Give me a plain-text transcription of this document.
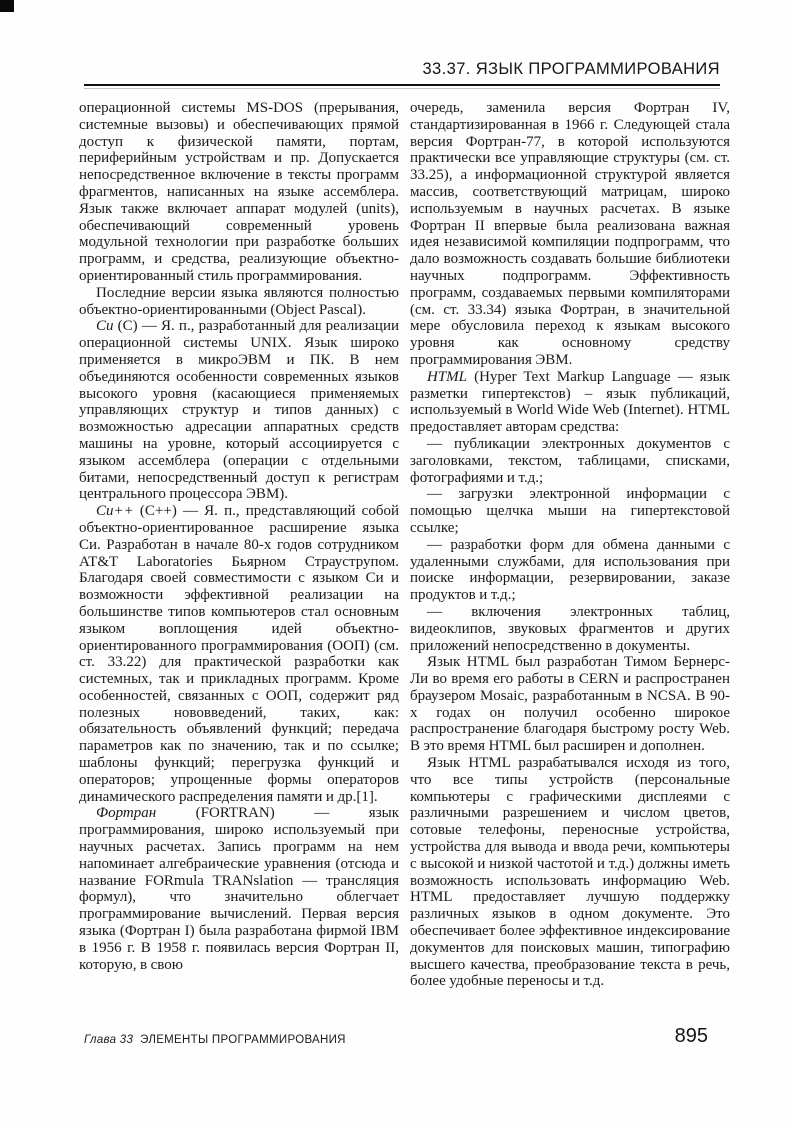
33.37. ЯЗЫК ПРОГРАММИРОВАНИЯ

операционной системы MS-DOS (прерывания, системные вызовы) и обеспечивающих прямой доступ к физической памяти, портам, периферийным устройствам и пр. Допускается непосредственное включение в тексты программ фрагментов, написанных на языке ассемблера. Язык также включает аппарат модулей (units), обеспечивающий современный уровень модульной технологии при разработке больших программ, и средства, реализующие объектно-ориентированный стиль программирования.

Последние версии языка являются полностью объектно-ориентированными (Object Pascal).

Си (C) — Я. п., разработанный для реализации операционной системы UNIX. Язык широко применяется в микроЭВМ и ПК. В нем объединяются особенности современных языков высокого уровня (касающиеся применяемых управляющих структур и типов данных) с возможностью адресации аппаратных средств машины на уровне, который ассоциируется с языком ассемблера (операции с отдельными битами, непосредственный доступ к регистрам центрального процессора ЭВМ).

Си++ (C++) — Я. п., представляющий собой объектно-ориентированное расширение языка Си. Разработан в начале 80-х годов сотрудником AT&T Laboratories Бьярном Страуструпом. Благодаря своей совместимости с языком Си и возможности эффективной реализации на большинстве типов компьютеров стал основным языком воплощения идей объектно-ориентированного программирования (ООП) (см. ст. 33.22) для практической разработки как системных, так и прикладных программ. Кроме особенностей, связанных с ООП, содержит ряд полезных нововведений, таких, как: обязательность объявлений функций; передача параметров как по значению, так и по ссылке; шаблоны функций; перегрузка функций и операторов; упрощенные формы операторов динамического распределения памяти и др.[1].

Фортран (FORTRAN) — язык программирования, широко используемый при научных расчетах. Запись программ на нем напоминает алгебраические уравнения (отсюда и название FORmula TRANslation — трансляция формул), что значительно облегчает программирование вычислений. Первая версия языка (Фортран I) была разработана фирмой IBM в 1956 г. В 1958 г. появилась версия Фортран II, которую, в свою

очередь, заменила версия Фортран IV, стандартизированная в 1966 г. Следующей стала версия Фортран-77, в которой используются практически все управляющие структуры (см. ст. 33.25), а информационной структурой является массив, соответствующий матрицам, широко используемым в научных расчетах. В языке Фортран II впервые была реализована важная идея независимой компиляции подпрограмм, что дало возможность создавать большие библиотеки научных подпрограмм. Эффективность программ, создаваемых первыми компиляторами (см. ст. 33.34) языка Фортран, в значительной мере обусловила переход к языкам высокого уровня как основному средству программирования ЭВМ.

HTML (Hyper Text Markup Language — язык разметки гипертекстов) – язык публикаций, используемый в World Wide Web (Internet). HTML предоставляет авторам средства:

— публикации электронных документов с заголовками, текстом, таблицами, списками, фотографиями и т.д.;

— загрузки электронной информации с помощью щелчка мыши на гипертекстовой ссылке;

— разработки форм для обмена данными с удаленными службами, для использования при поиске информации, резервировании, заказе продуктов и т.д.;

— включения электронных таблиц, видеоклипов, звуковых фрагментов и других приложений непосредственно в документы.

Язык HTML был разработан Тимом Бернерс-Ли во время его работы в CERN и распространен браузером Mosaic, разработанным в NCSA. В 90-х годах он получил особенно широкое распространение благодаря быстрому росту Web. В это время HTML был расширен и дополнен.

Язык HTML разрабатывался исходя из того, что все типы устройств (персональные компьютеры с графическими дисплеями с различными разрешением и числом цветов, сотовые телефоны, переносные устройства, устройства для вывода и ввода речи, компьютеры с высокой и низкой частотой и т.д.) должны иметь возможность использовать информацию Web. HTML предоставляет лучшую поддержку различных языков в одном документе. Это обеспечивает более эффективное индексирование документов для поисковых машин, типографию высшего качества, преобразование текста в речь, более удобные переносы и т.д.

Глава 33 ЭЛЕМЕНТЫ ПРОГРАММИРОВАНИЯ	895
